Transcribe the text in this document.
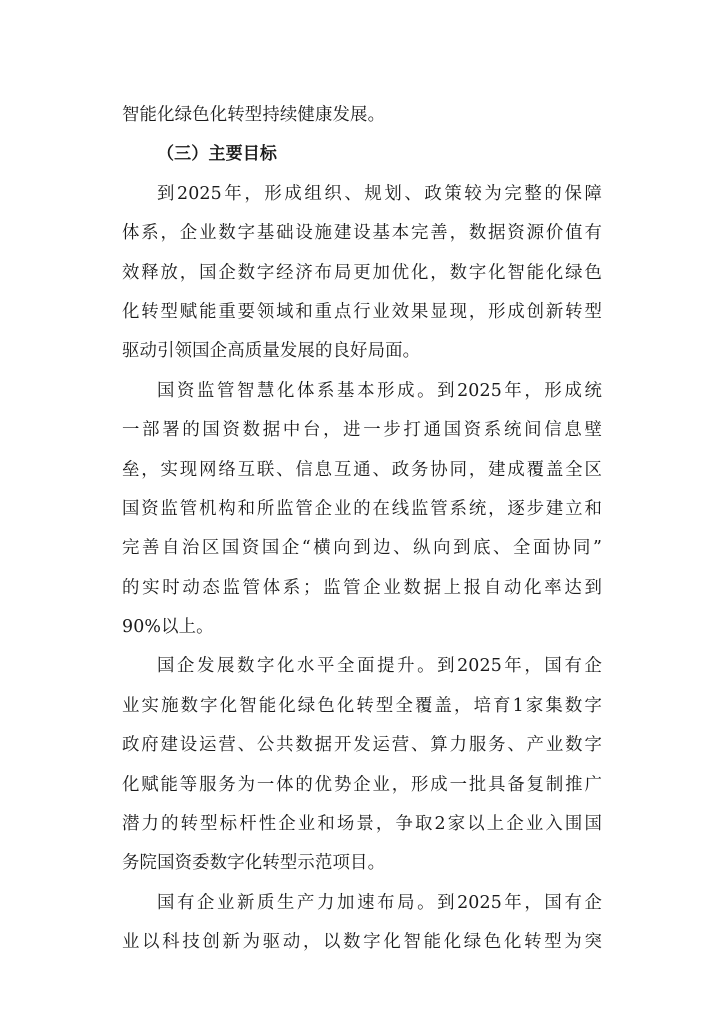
智能化绿色化转型持续健康发展。
（三）主要目标
到2025年，形成组织、规划、政策较为完整的保障
体系，企业数字基础设施建设基本完善，数据资源价值有
效释放，国企数字经济布局更加优化，数字化智能化绿色
化转型赋能重要领域和重点行业效果显现，形成创新转型
驱动引领国企高质量发展的良好局面。
国资监管智慧化体系基本形成。到2025年，形成统
一部署的国资数据中台，进一步打通国资系统间信息壁
垒，实现网络互联、信息互通、政务协同，建成覆盖全区
国资监管机构和所监管企业的在线监管系统，逐步建立和
完善自治区国资国企“横向到边、纵向到底、全面协同”
的实时动态监管体系；监管企业数据上报自动化率达到
90%以上。
国企发展数字化水平全面提升。到2025年，国有企
业实施数字化智能化绿色化转型全覆盖，培育1家集数字
政府建设运营、公共数据开发运营、算力服务、产业数字
化赋能等服务为一体的优势企业，形成一批具备复制推广
潜力的转型标杆性企业和场景，争取2家以上企业入围国
务院国资委数字化转型示范项目。
国有企业新质生产力加速布局。到2025年，国有企
业以科技创新为驱动，以数字化智能化绿色化转型为突
